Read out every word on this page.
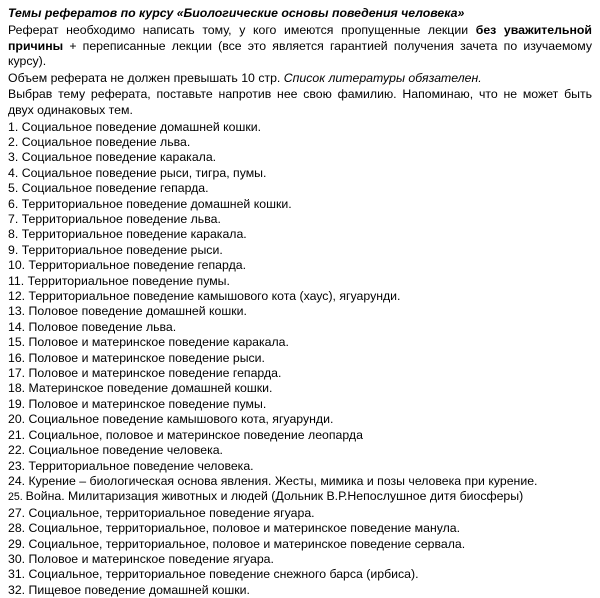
Темы рефератов по курсу «Биологические основы поведения человека»

Реферат необходимо написать тому, у кого имеются пропущенные лекции без уважительной причины + переписанные лекции (все это является гарантией получения зачета по изучаемому курсу).

Объем реферата не должен превышать 10 стр. Список литературы обязателен.

Выбрав тему реферата, поставьте напротив нее свою фамилию. Напоминаю, что не может быть двух одинаковых тем.

1. Социальное поведение домашней кошки.
2. Социальное поведение льва.
3. Социальное поведение каракала.
4. Социальное поведение рыси, тигра, пумы.
5. Социальное поведение гепарда.
6. Территориальное поведение домашней кошки.
7. Территориальное поведение льва.
8. Территориальное поведение каракала.
9. Территориальное поведение рыси.
10. Территориальное поведение гепарда.
11. Территориальное поведение пумы.
12. Территориальное поведение камышового кота (хаус), ягуарунди.
13. Половое поведение домашней кошки.
14. Половое поведение льва.
15. Половое и материнское поведение каракала.
16. Половое и материнское поведение рыси.
17. Половое и материнское поведение гепарда.
18. Материнское поведение домашней кошки.
19. Половое и материнское поведение пумы.
20. Социальное поведение камышового кота, ягуарунди.
21. Социальное, половое и материнское поведение леопарда
22. Социальное поведение человека.
23. Территориальное поведение человека.
24. Курение – биологическая основа явления. Жесты, мимика и позы человека при курение.
25. Война. Милитаризация животных и людей (Дольник В.Р.Непослушное дитя биосферы)
27. Социальное, территориальное поведение ягуара.
28. Социальное, территориальное, половое и материнское поведение манула.
29. Социальное, территориальное, половое и материнское поведение сервала.
30. Половое и материнское поведение ягуара.
31. Социальное, территориальное поведение снежного барса (ирбиса).
32. Пищевое поведение домашней кошки.
